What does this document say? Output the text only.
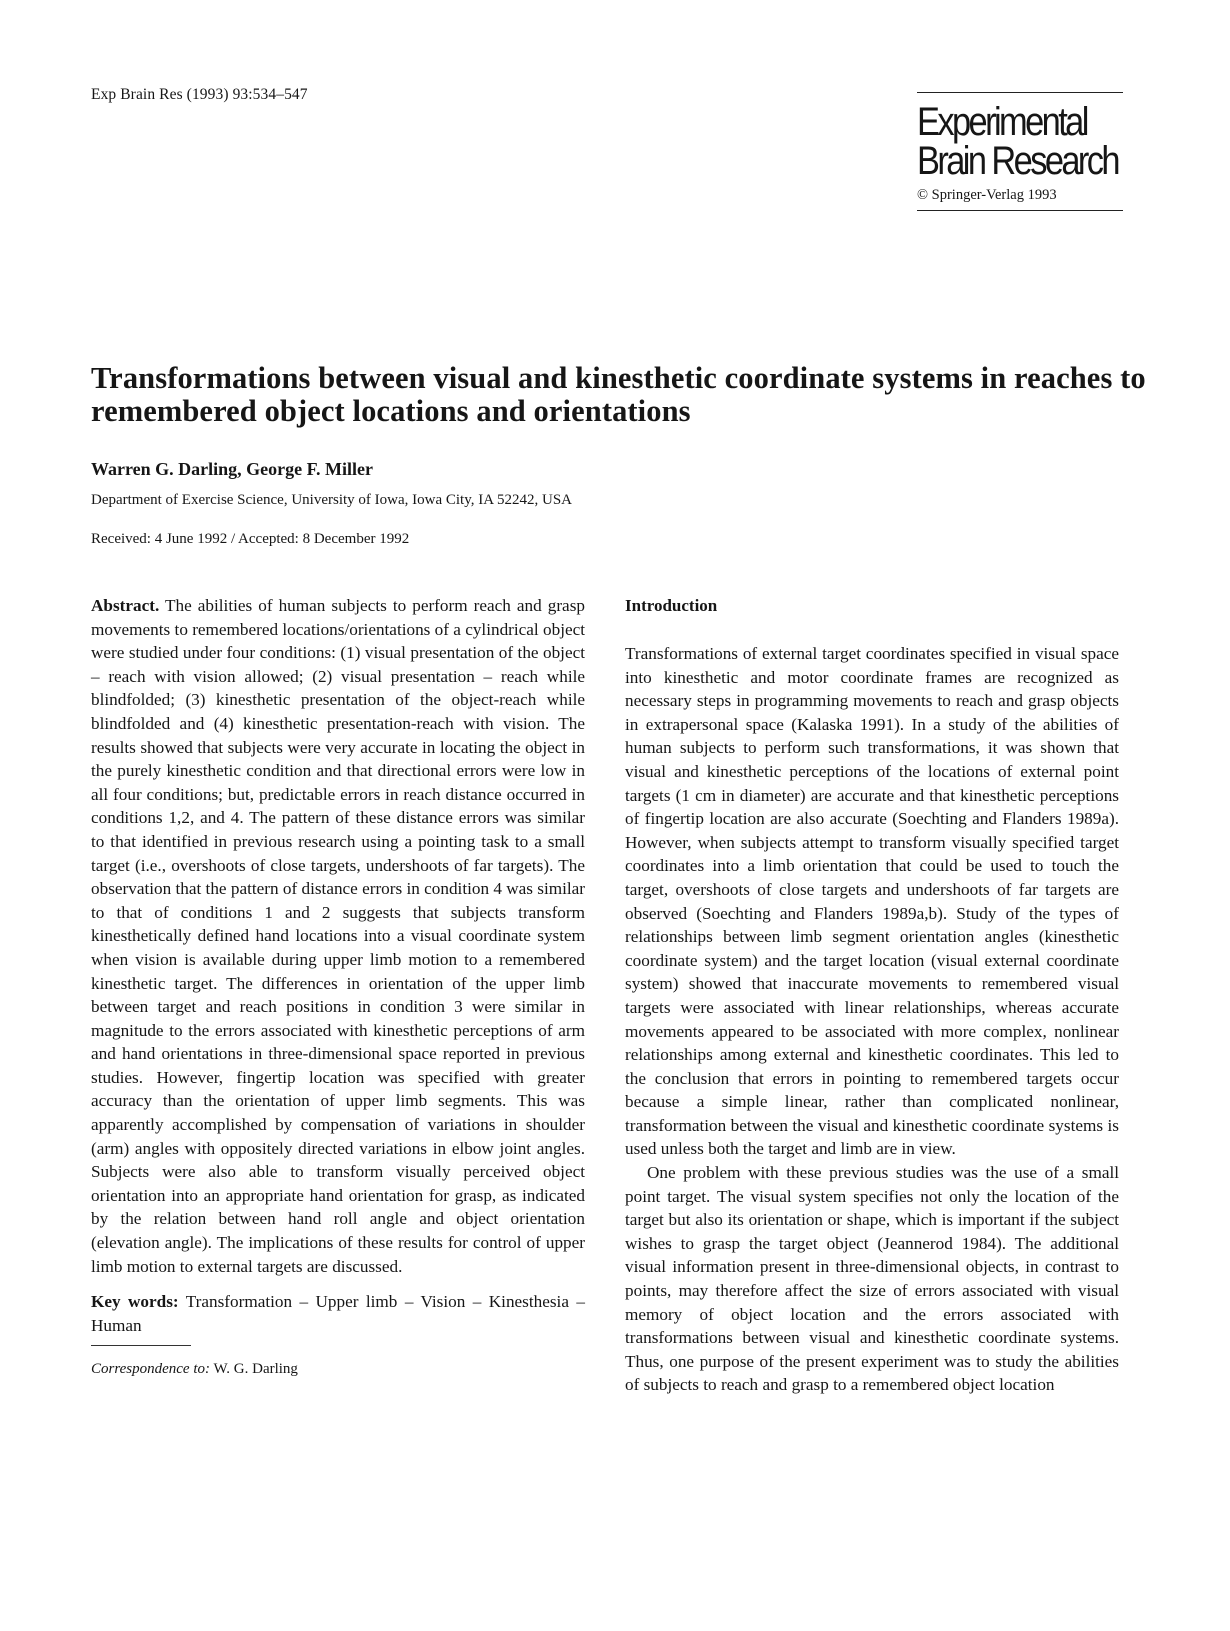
Exp Brain Res (1993) 93:534–547
Experimental
Brain Research
© Springer-Verlag 1993
Transformations between visual and kinesthetic coordinate systems in reaches to remembered object locations and orientations
Warren G. Darling, George F. Miller
Department of Exercise Science, University of Iowa, Iowa City, IA 52242, USA
Received: 4 June 1992 / Accepted: 8 December 1992

Abstract. The abilities of human subjects to perform reach and grasp movements to remembered locations/orientations of a cylindrical object were studied under four conditions: (1) visual presentation of the object – reach with vision allowed; (2) visual presentation – reach while blindfolded; (3) kinesthetic presentation of the object-reach while blindfolded and (4) kinesthetic presentation-reach with vision. The results showed that subjects were very accurate in locating the object in the purely kinesthetic condition and that directional errors were low in all four conditions; but, predictable errors in reach distance occurred in conditions 1,2, and 4. The pattern of these distance errors was similar to that identified in previous research using a pointing task to a small target (i.e., overshoots of close targets, undershoots of far targets). The observation that the pattern of distance errors in condition 4 was similar to that of conditions 1 and 2 suggests that subjects transform kinesthetically defined hand locations into a visual coordinate system when vision is available during upper limb motion to a remembered kinesthetic target. The differences in orientation of the upper limb between target and reach positions in condition 3 were similar in magnitude to the errors associated with kinesthetic perceptions of arm and hand orientations in three-dimensional space reported in previous studies. However, fingertip location was specified with greater accuracy than the orientation of upper limb segments. This was apparently accomplished by compensation of variations in shoulder (arm) angles with oppositely directed variations in elbow joint angles. Subjects were also able to transform visually perceived object orientation into an appropriate hand orientation for grasp, as indicated by the relation between hand roll angle and object orientation (elevation angle). The implications of these results for control of upper limb motion to external targets are discussed.

Key words: Transformation – Upper limb – Vision – Kinesthesia – Human

Correspondence to: W. G. Darling

Introduction

Transformations of external target coordinates specified in visual space into kinesthetic and motor coordinate frames are recognized as necessary steps in programming movements to reach and grasp objects in extrapersonal space (Kalaska 1991). In a study of the abilities of human subjects to perform such transformations, it was shown that visual and kinesthetic perceptions of the locations of external point targets (1 cm in diameter) are accurate and that kinesthetic perceptions of fingertip location are also accurate (Soechting and Flanders 1989a). However, when subjects attempt to transform visually specified target coordinates into a limb orientation that could be used to touch the target, overshoots of close targets and undershoots of far targets are observed (Soechting and Flanders 1989a,b). Study of the types of relationships between limb segment orientation angles (kinesthetic coordinate system) and the target location (visual external coordinate system) showed that inaccurate movements to remembered visual targets were associated with linear relationships, whereas accurate movements appeared to be associated with more complex, nonlinear relationships among external and kinesthetic coordinates. This led to the conclusion that errors in pointing to remembered targets occur because a simple linear, rather than complicated nonlinear, transformation between the visual and kinesthetic coordinate systems is used unless both the target and limb are in view.

One problem with these previous studies was the use of a small point target. The visual system specifies not only the location of the target but also its orientation or shape, which is important if the subject wishes to grasp the target object (Jeannerod 1984). The additional visual information present in three-dimensional objects, in contrast to points, may therefore affect the size of errors associated with visual memory of object location and the errors associated with transformations between visual and kinesthetic coordinate systems. Thus, one purpose of the present experiment was to study the abilities of subjects to reach and grasp to a remembered object location
